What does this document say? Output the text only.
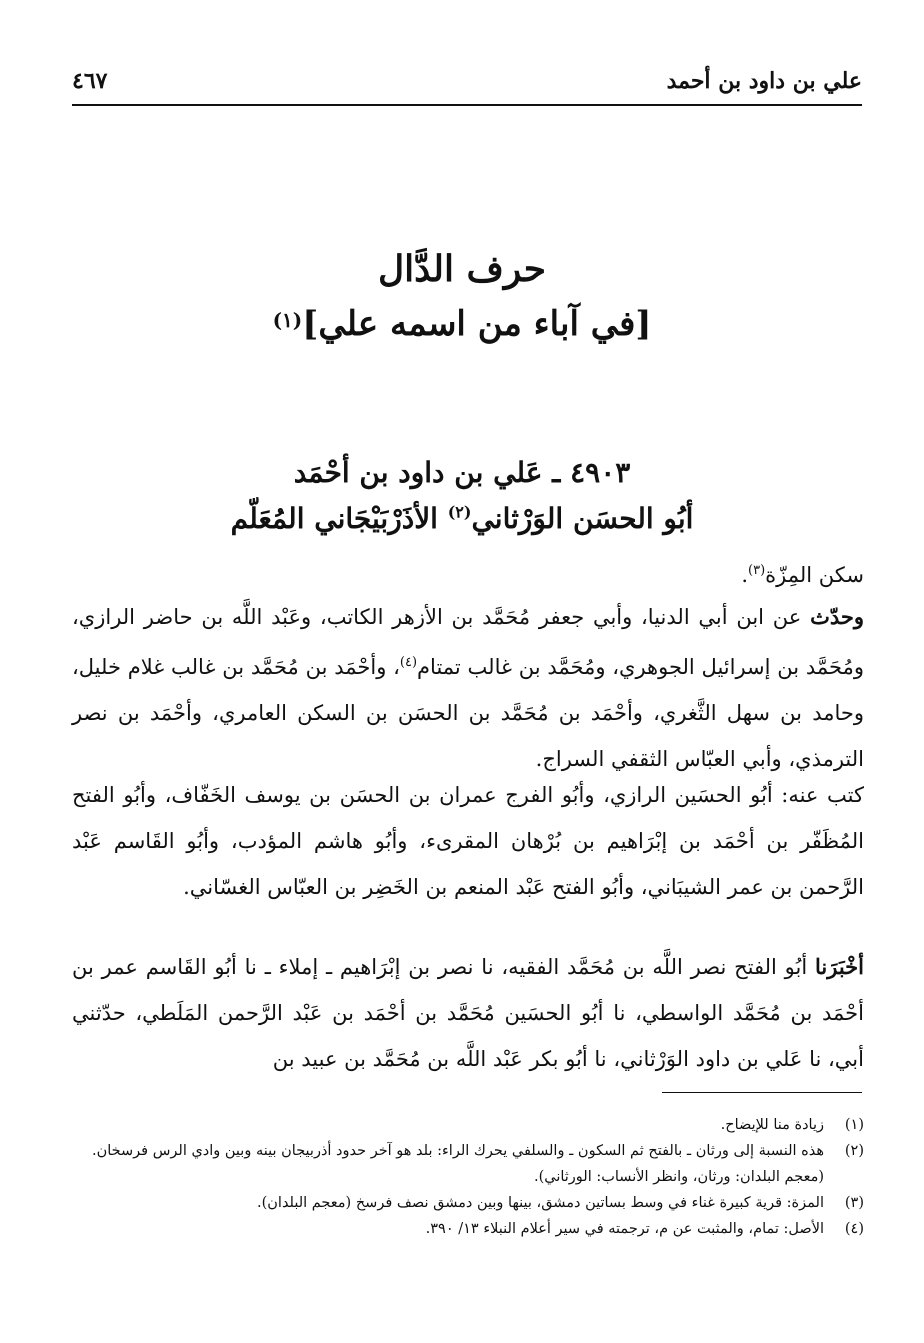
علي بن داود بن أحمد
٤٦٧
حرف الدَّال
[في آباء من اسمه علي]$^{(١)}$
٤٩٠٣ ـ عَلي بن داود بن أحْمَد
أبُو الحسَن الوَرْثاني$^{(٢)}$ الأذَرْبَيْجَاني المُعَلّم
سكن المِزّة$^{(٣)}$.
وحدّث عن ابن أبي الدنيا، وأبي جعفر مُحَمَّد بن الأزهر الكاتب، وعَبْد اللَّه بن حاضر الرازي، ومُحَمَّد بن إسرائيل الجوهري، ومُحَمَّد بن غالب تمتام$^{(٤)}$، وأحْمَد بن مُحَمَّد بن غالب غلام خليل، وحامد بن سهل الثَّغري، وأحْمَد بن مُحَمَّد بن الحسَن بن السكن العامري، وأحْمَد بن نصر الترمذي، وأبي العبّاس الثقفي السراج.
كتب عنه: أبُو الحسَين الرازي، وأبُو الفرج عمران بن الحسَن بن يوسف الخَفّاف، وأبُو الفتح المُظَفّر بن أحْمَد بن إبْرَاهيم بن بُرْهان المقرىء، وأبُو هاشم المؤدب، وأبُو القَاسم عَبْد الرَّحمن بن عمر الشيبَاني، وأبُو الفتح عَبْد المنعم بن الخَضِر بن العبّاس الغسّاني.
أخْبَرَنا أبُو الفتح نصر اللَّه بن مُحَمَّد الفقيه، نا نصر بن إبْرَاهيم ـ إملاء ـ نا أبُو القَاسم عمر بن أحْمَد بن مُحَمَّد الواسطي، نا أبُو الحسَين مُحَمَّد بن أحْمَد بن عَبْد الرَّحمن المَلَطي، حدّثني أبي، نا عَلي بن داود الوَرْثاني، نا أبُو بكر عَبْد اللَّه بن مُحَمَّد بن عبيد بن
(١)
زيادة منا للإيضاح.
(٢)
هذه النسبة إلى ورثان ـ بالفتح ثم السكون ـ والسلفي يحرك الراء: بلد هو آخر حدود أذربيجان بينه وبين وادي الرس فرسخان. (معجم البلدان: ورثان، وانظر الأنساب: الورثاني).
(٣)
المزة: قرية كبيرة غناء في وسط بساتين دمشق، بينها وبين دمشق نصف فرسخ (معجم البلدان).
(٤)
الأصل: تمام، والمثبت عن م، ترجمته في سير أعلام النبلاء ١٣/ ٣٩٠.
